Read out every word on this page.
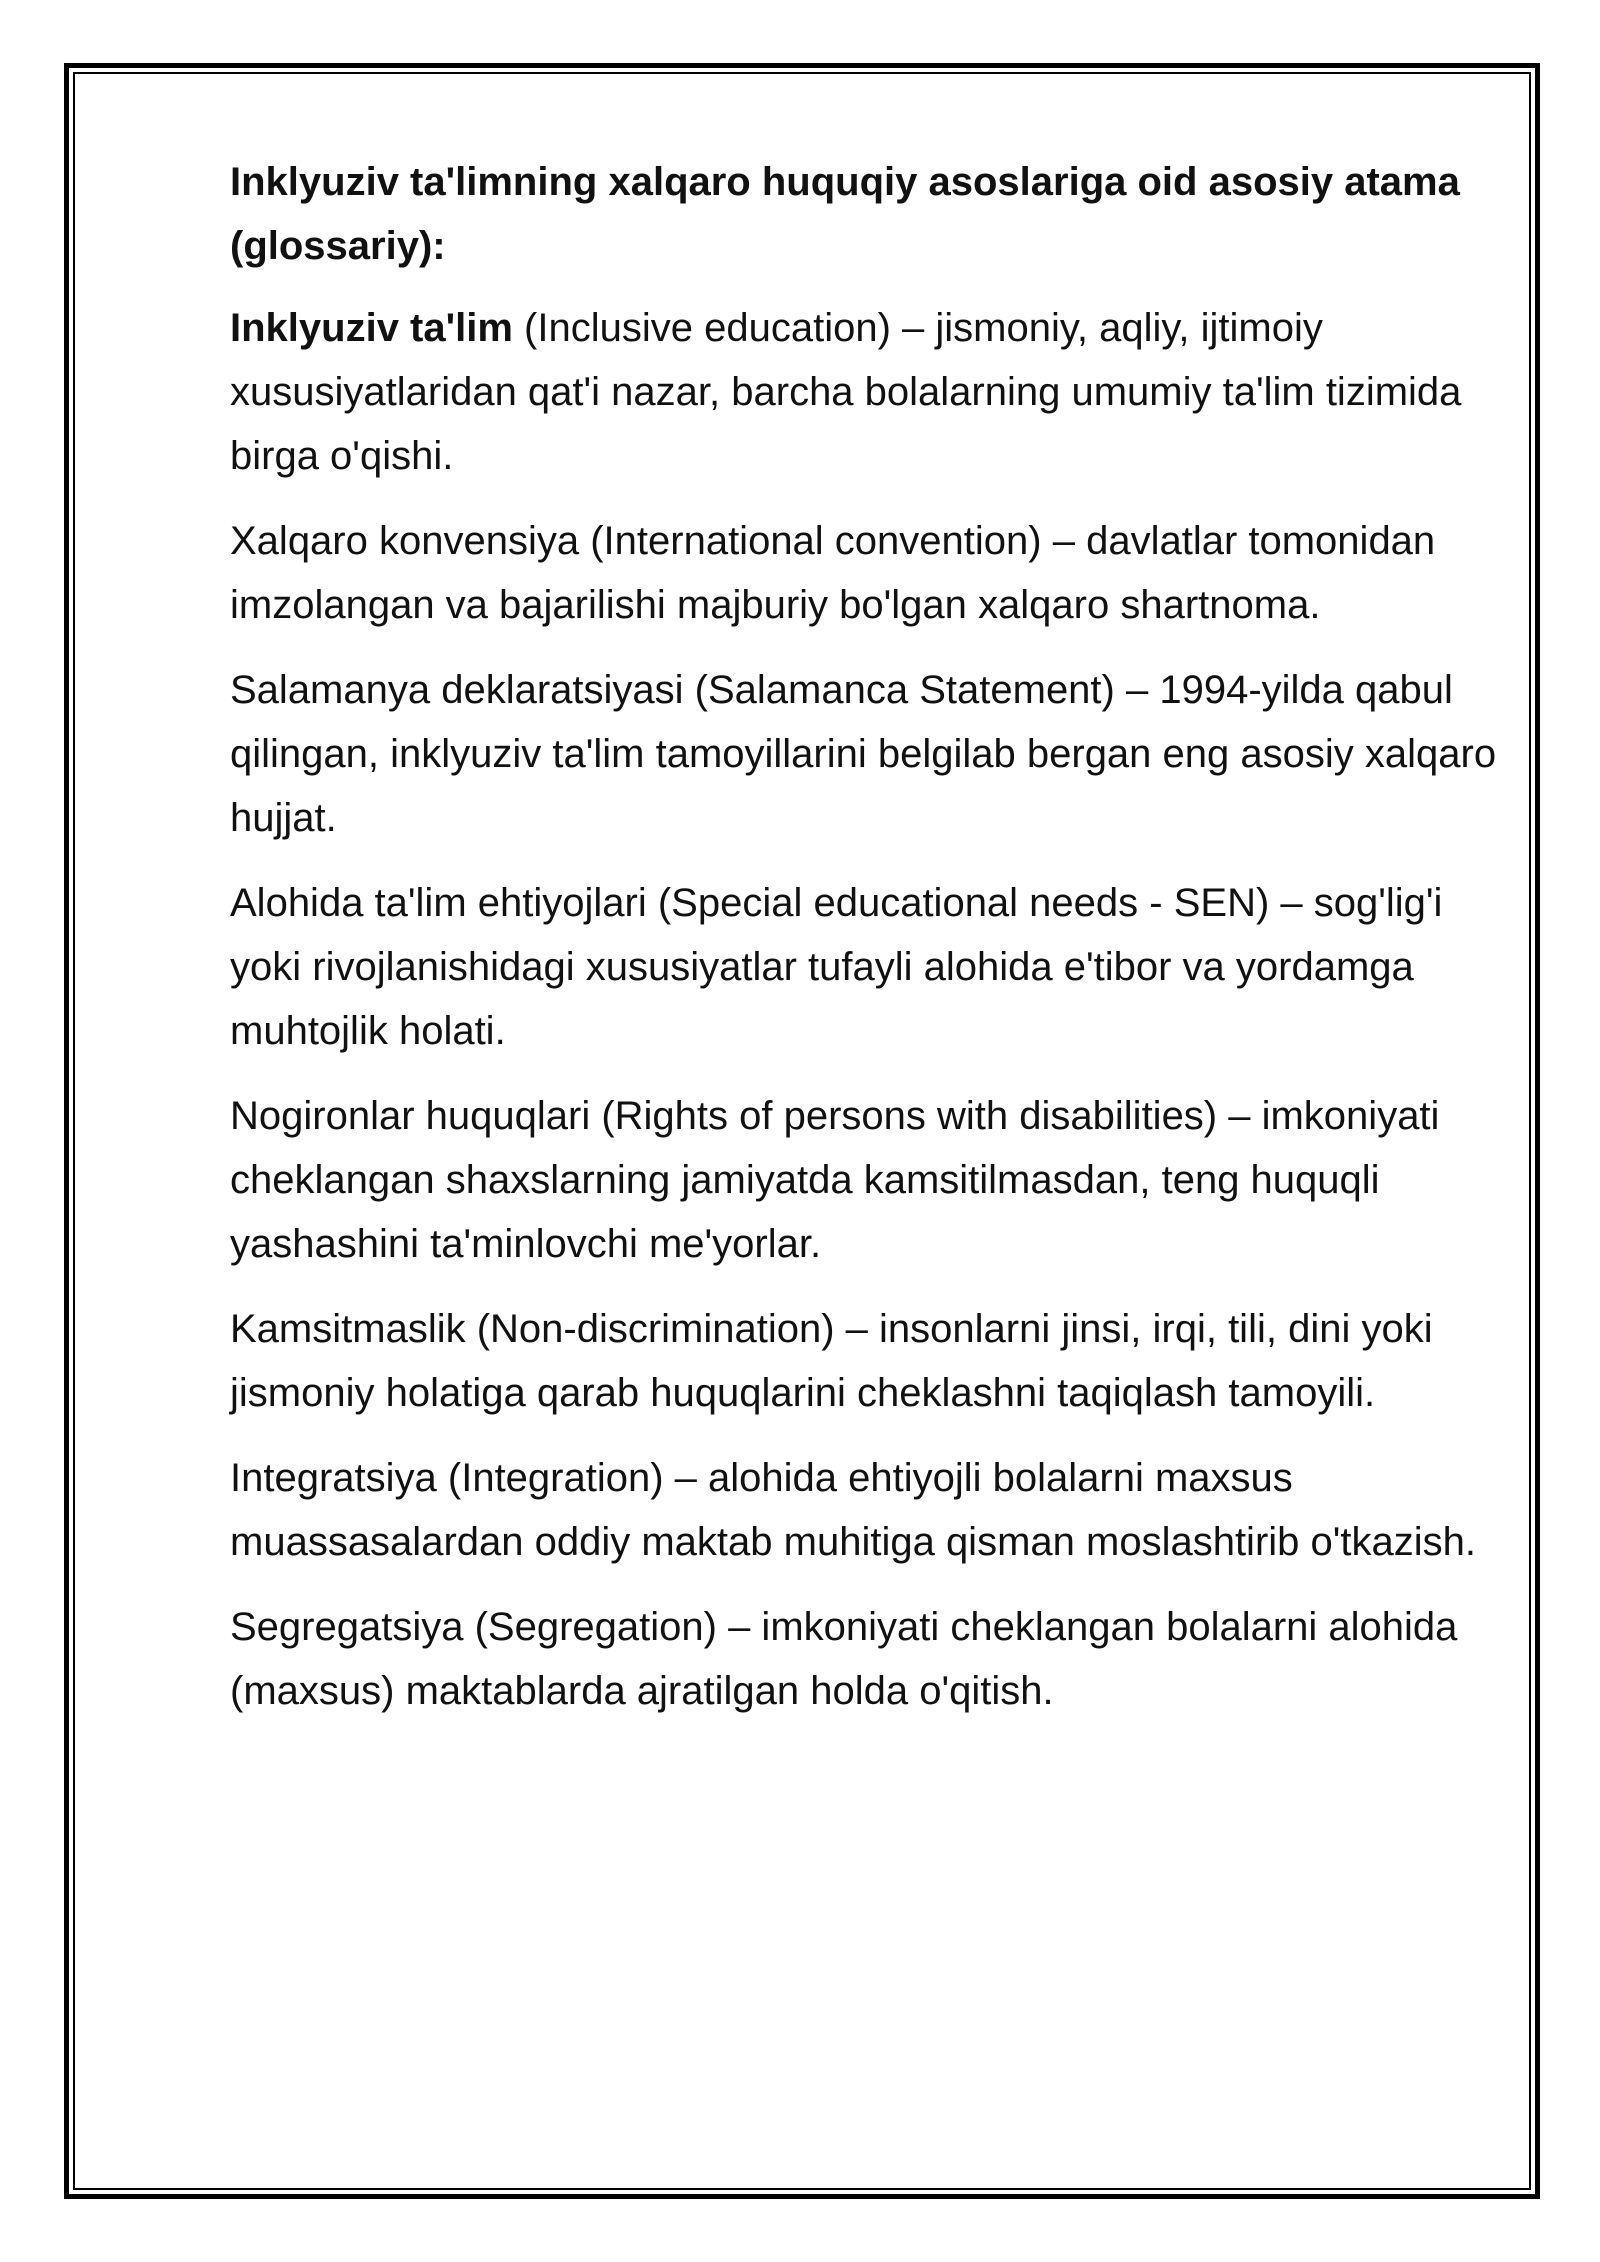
Inklyuziv ta'limning xalqaro huquqiy asoslariga oid asosiy atama (glossariy):

Inklyuziv ta'lim (Inclusive education) – jismoniy, aqliy, ijtimoiy xususiyatlaridan qat'i nazar, barcha bolalarning umumiy ta'lim tizimida birga o'qishi.

Xalqaro konvensiya (International convention) – davlatlar tomonidan imzolangan va bajarilishi majburiy bo'lgan xalqaro shartnoma.

Salamanya deklaratsiyasi (Salamanca Statement) – 1994-yilda qabul qilingan, inklyuziv ta'lim tamoyillarini belgilab bergan eng asosiy xalqaro hujjat.

Alohida ta'lim ehtiyojlari (Special educational needs - SEN) – sog'lig'i yoki rivojlanishidagi xususiyatlar tufayli alohida e'tibor va yordamga muhtojlik holati.

Nogironlar huquqlari (Rights of persons with disabilities) – imkoniyati cheklangan shaxslarning jamiyatda kamsitilmasdan, teng huquqli yashashini ta'minlovchi me'yorlar.

Kamsitmaslik (Non-discrimination) – insonlarni jinsi, irqi, tili, dini yoki jismoniy holatiga qarab huquqlarini cheklashni taqiqlash tamoyili.

Integratsiya (Integration) – alohida ehtiyojli bolalarni maxsus muassasalardan oddiy maktab muhitiga qisman moslashtirib o'tkazish.

Segregatsiya (Segregation) – imkoniyati cheklangan bolalarni alohida (maxsus) maktablarda ajratilgan holda o'qitish.
